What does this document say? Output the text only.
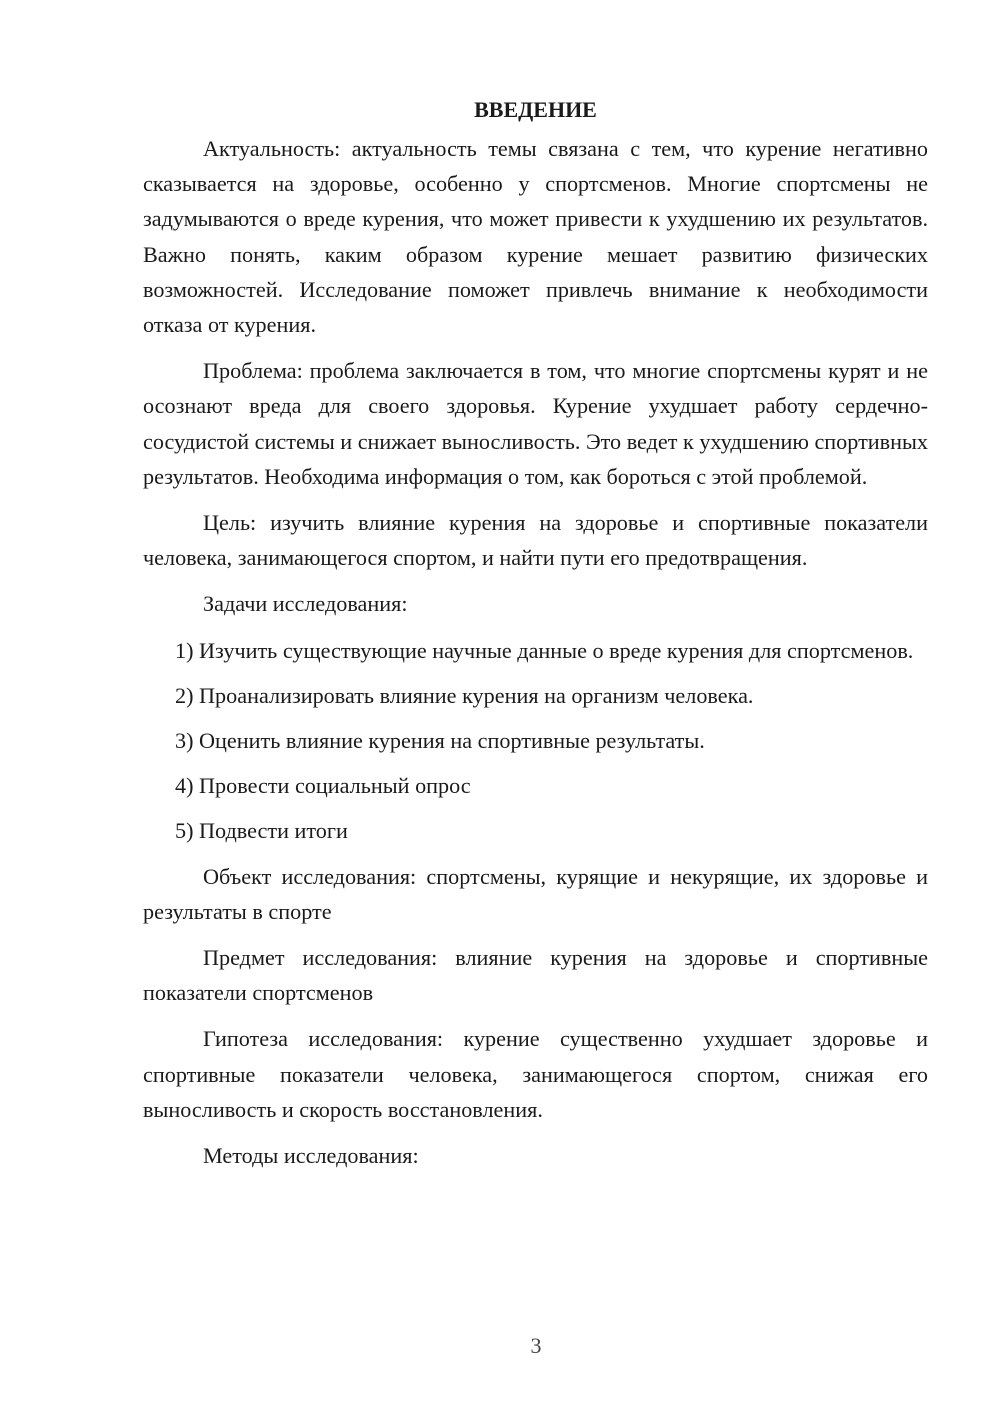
ВВЕДЕНИЕ

Актуальность: актуальность темы связана с тем, что курение негативно сказывается на здоровье, особенно у спортсменов. Многие спортсмены не задумываются о вреде курения, что может привести к ухудшению их результатов. Важно понять, каким образом курение мешает развитию физических возможностей. Исследование поможет привлечь внимание к необходимости отказа от курения.

Проблема: проблема заключается в том, что многие спортсмены курят и не осознают вреда для своего здоровья. Курение ухудшает работу сердечно-сосудистой системы и снижает выносливость. Это ведет к ухудшению спортивных результатов. Необходима информация о том, как бороться с этой проблемой.

Цель: изучить влияние курения на здоровье и спортивные показатели человека, занимающегося спортом, и найти пути его предотвращения.

Задачи исследования:

1) Изучить существующие научные данные о вреде курения для спортсменов.

2) Проанализировать влияние курения на организм человека.

3) Оценить влияние курения на спортивные результаты.

4) Провести социальный опрос

5) Подвести итоги

Объект исследования: спортсмены, курящие и некурящие, их здоровье и результаты в спорте

Предмет исследования: влияние курения на здоровье и спортивные показатели спортсменов

Гипотеза исследования: курение существенно ухудшает здоровье и спортивные показатели человека, занимающегося спортом, снижая его выносливость и скорость восстановления.

Методы исследования:

3
